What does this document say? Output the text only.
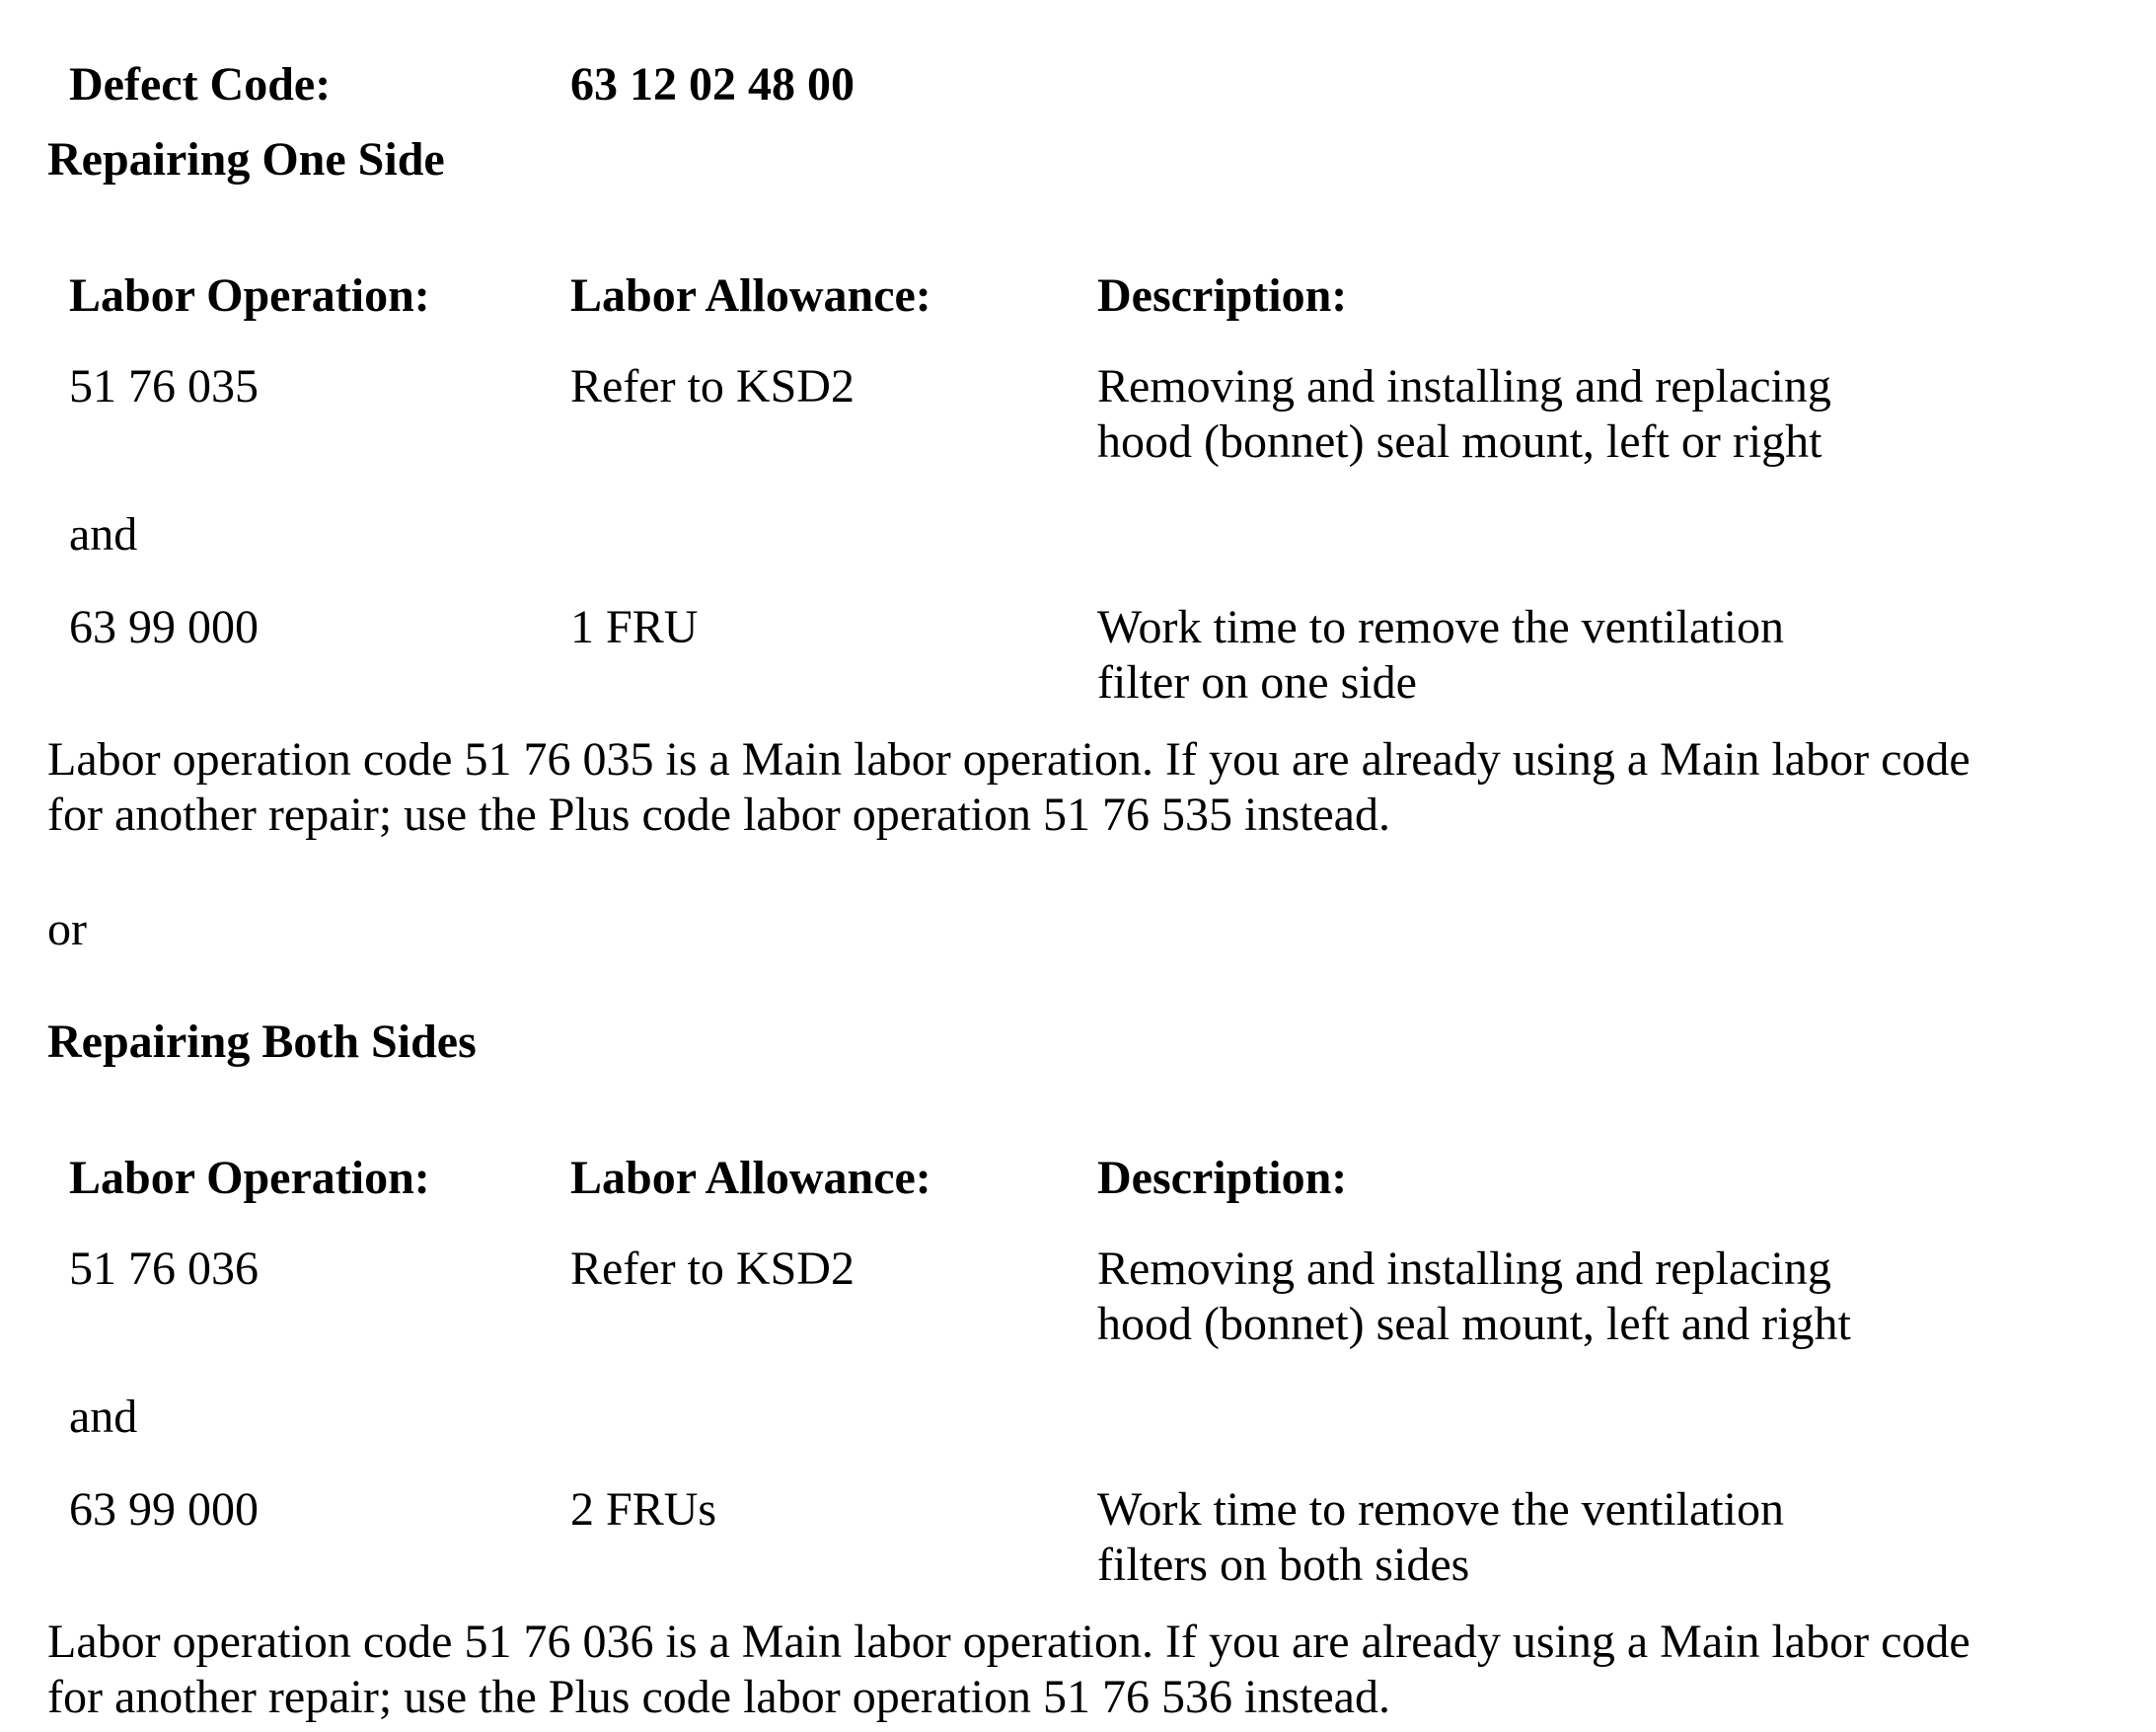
Defect Code:	63 12 02 48 00
Repairing One Side
Labor Operation:	Labor Allowance:	Description:
51 76 035	Refer to KSD2	Removing and installing and replacing
hood (bonnet) seal mount, left or right
and
63 99 000	1 FRU	Work time to remove the ventilation
filter on one side
Labor operation code 51 76 035 is a Main labor operation. If you are already using a Main labor code
for another repair; use the Plus code labor operation 51 76 535 instead.
or
Repairing Both Sides
Labor Operation:	Labor Allowance:	Description:
51 76 036	Refer to KSD2	Removing and installing and replacing
hood (bonnet) seal mount, left and right
and
63 99 000	2 FRUs	Work time to remove the ventilation
filters on both sides
Labor operation code 51 76 036 is a Main labor operation. If you are already using a Main labor code
for another repair; use the Plus code labor operation 51 76 536 instead.
